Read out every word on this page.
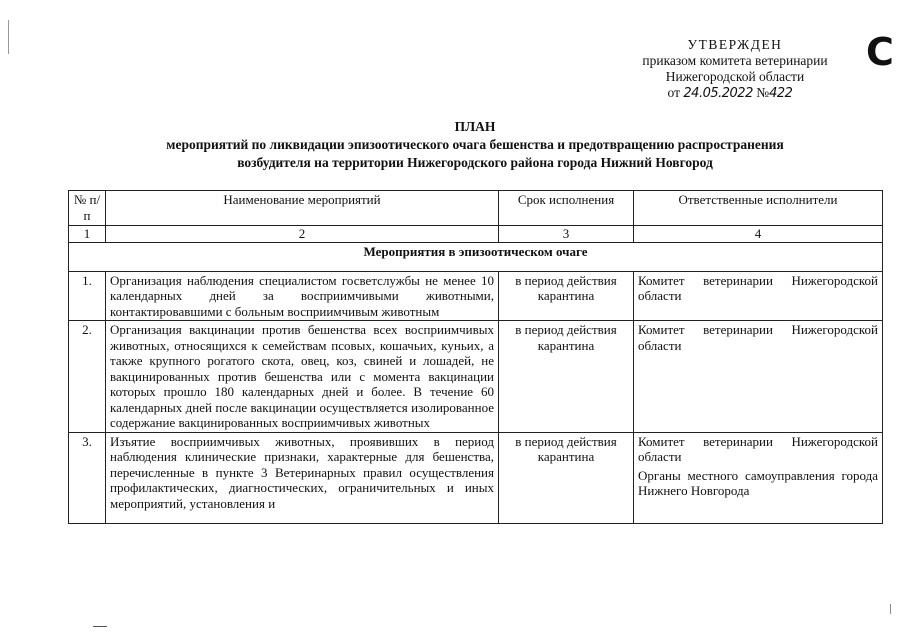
УТВЕРЖДЕН
приказом комитета ветеринарии
Нижегородской области
от 24.05.2022 №422
С
ПЛАН
мероприятий по ликвидации эпизоотического очага бешенства и предотвращению распространения
возбудителя на территории Нижегородского района города Нижний Новгород
№ п/п	Наименование мероприятий	Срок исполнения	Ответственные исполнители
1	2	3	4
Мероприятия в эпизоотическом очаге			
1.	Организация наблюдения специалистом госветслужбы не менее 10 календарных дней за восприимчивыми животными, контактировавшими с больным восприимчивым животным	в период действия карантина	Комитет ветеринарии Нижегородской области

2.	Организация вакцинации против бешенства всех восприимчивых животных, относящихся к семействам псовых, кошачьих, куньих, а также крупного рогатого скота, овец, коз, свиней и лошадей, не вакцинированных против бешенства или с момента вакцинации которых прошло 180 календарных дней и более. В течение 60 календарных дней после вакцинации осуществляется изолированное содержание вакцинированных восприимчивых животных	в период действия карантина	Комитет ветеринарии Нижегородской области

3.	Изъятие восприимчивых животных, проявивших в период наблюдения клинические признаки, характерные для бешенства, перечисленные в пункте 3 Ветеринарных правил осуществления профилактических, диагностических, ограничительных и иных мероприятий, установления и	в период действия карантина	Комитет ветеринарии Нижегородской области
Органы местного самоуправления города Нижнего Новгорода
